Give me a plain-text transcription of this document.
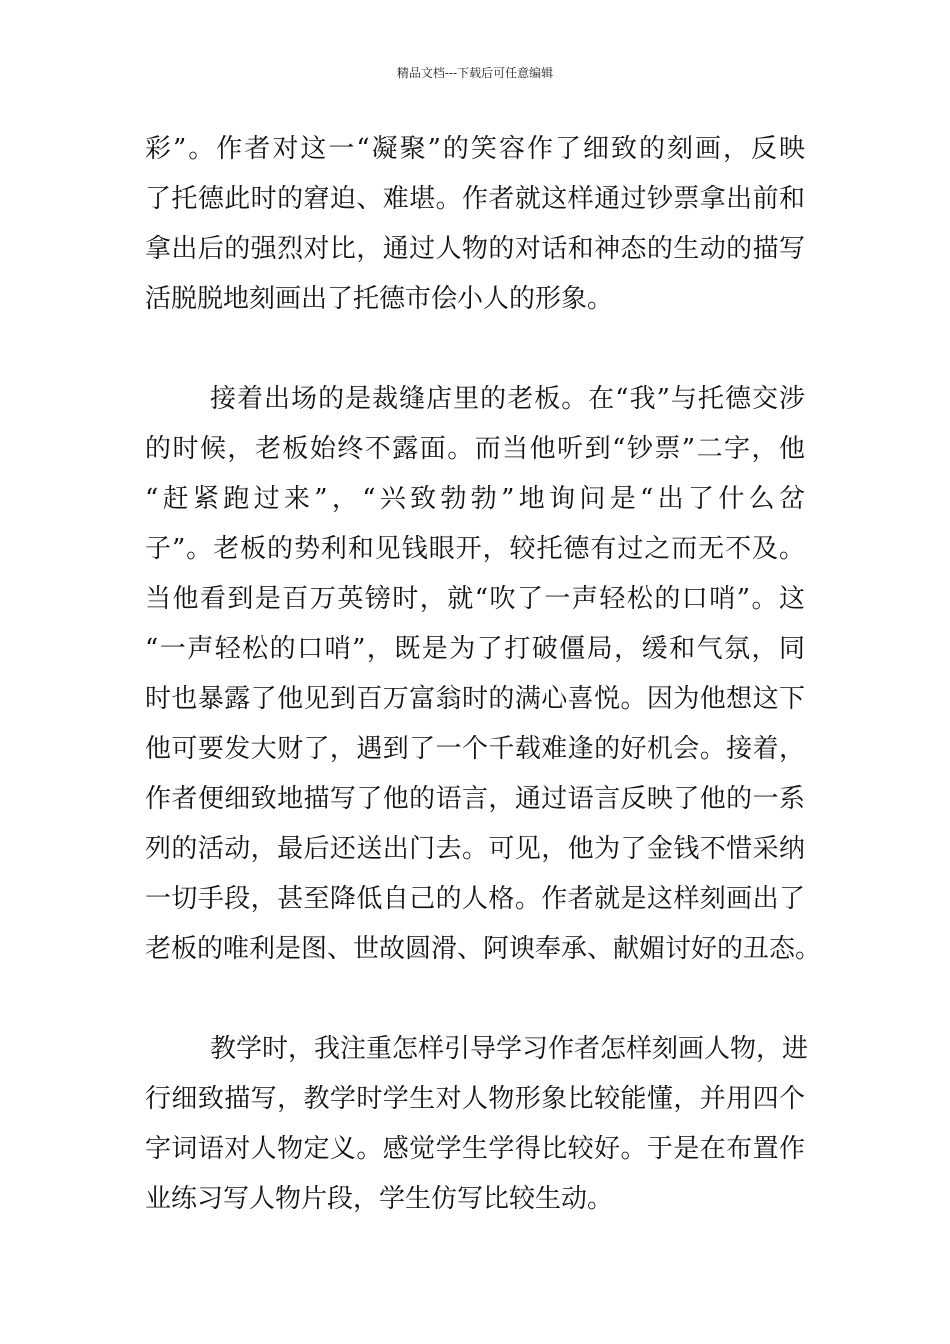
精品文档---下载后可任意编辑
彩”。作者对这一“凝聚”的笑容作了细致的刻画，反映
了托德此时的窘迫、难堪。作者就这样通过钞票拿出前和
拿出后的强烈对比，通过人物的对话和神态的生动的描写
活脱脱地刻画出了托德市侩小人的形象。
接着出场的是裁缝店里的老板。在“我”与托德交涉
的时候，老板始终不露面。而当他听到“钞票”二字，他
“赶紧跑过来”，“兴致勃勃”地询问是“出了什么岔
子”。老板的势利和见钱眼开，较托德有过之而无不及。
当他看到是百万英镑时，就“吹了一声轻松的口哨”。这
“一声轻松的口哨”，既是为了打破僵局，缓和气氛，同
时也暴露了他见到百万富翁时的满心喜悦。因为他想这下
他可要发大财了，遇到了一个千载难逢的好机会。接着，
作者便细致地描写了他的语言，通过语言反映了他的一系
列的活动，最后还送出门去。可见，他为了金钱不惜采纳
一切手段，甚至降低自己的人格。作者就是这样刻画出了
老板的唯利是图、世故圆滑、阿谀奉承、献媚讨好的丑态。
教学时，我注重怎样引导学习作者怎样刻画人物，进
行细致描写，教学时学生对人物形象比较能懂，并用四个
字词语对人物定义。感觉学生学得比较好。于是在布置作
业练习写人物片段，学生仿写比较生动。
